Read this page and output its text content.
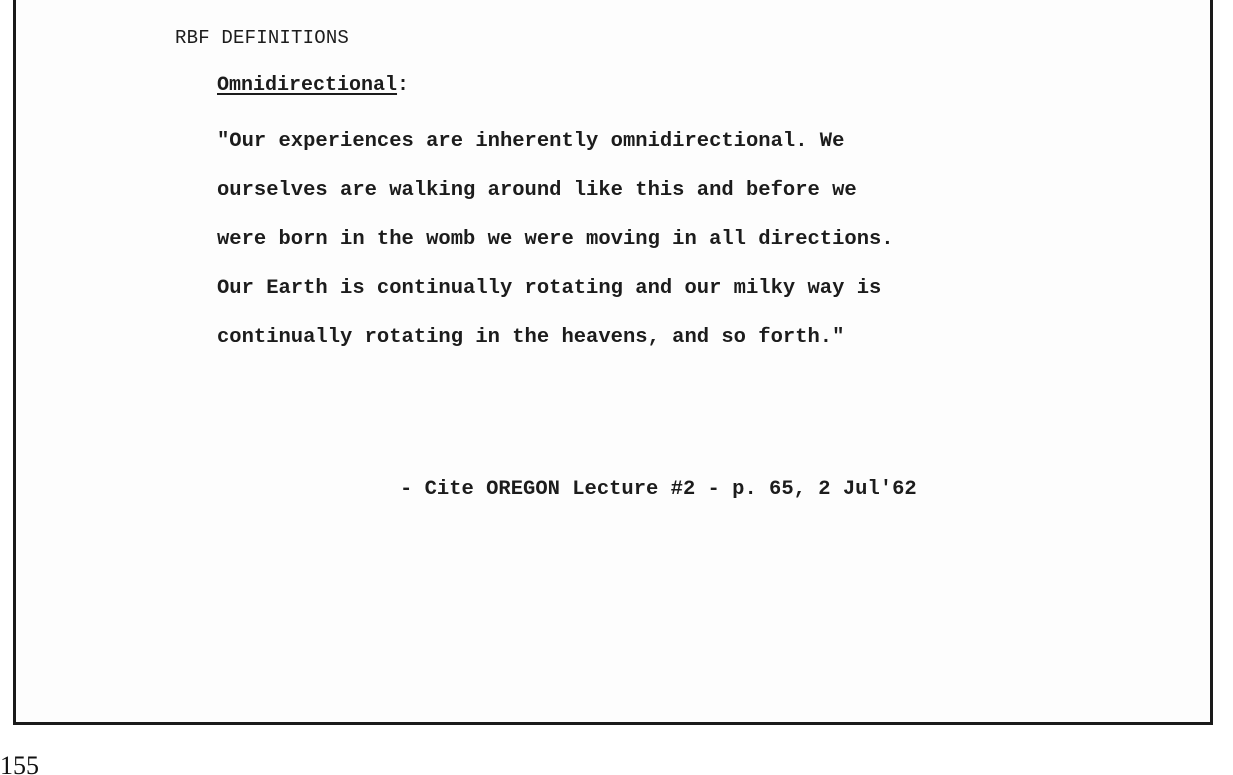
RBF DEFINITIONS
Omnidirectional:
"Our experiences are inherently omnidirectional. We
ourselves are walking around like this and before we
were born in the womb we were moving in all directions.
Our Earth is continually rotating and our milky way is
continually rotating in the heavens, and so forth."
- Cite OREGON Lecture #2 - p. 65, 2 Jul'62
155
